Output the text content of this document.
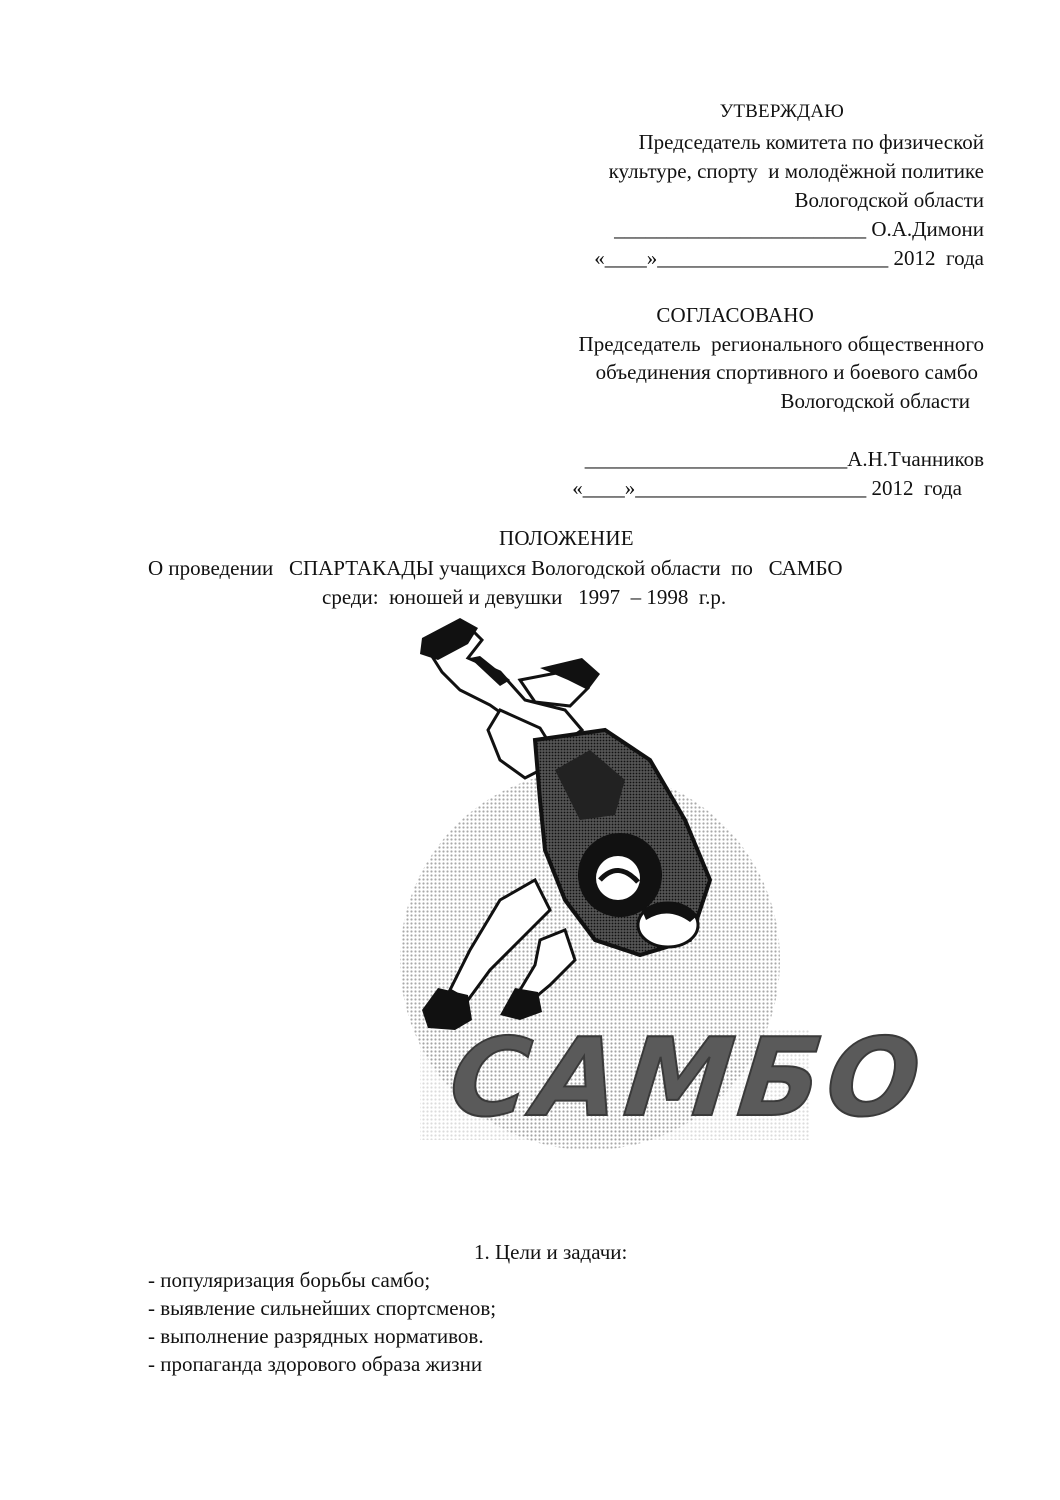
УТВЕРЖДАЮ
Председатель комитета по физической
культуре, спорту  и молодёжной политике
Вологодской области
________________________ О.А.Димони
«____»______________________ 2012  года
СОГЛАСОВАНО
Председатель  регионального общественного
объединения спортивного и боевого самбо
Вологодской области
_________________________А.Н.Тчанников
«____»______________________ 2012  года
ПОЛОЖЕНИЕ
О проведении   СПАРТАКАДЫ учащихся Вологодской области  по   САМБО
среди:  юношей и девушки   1997  – 1998  г.р.
САМБО
1. Цели и задачи:
- популяризация борьбы самбо;
- выявление сильнейших спортсменов;
- выполнение разрядных нормативов.
- пропаганда здорового образа жизни
